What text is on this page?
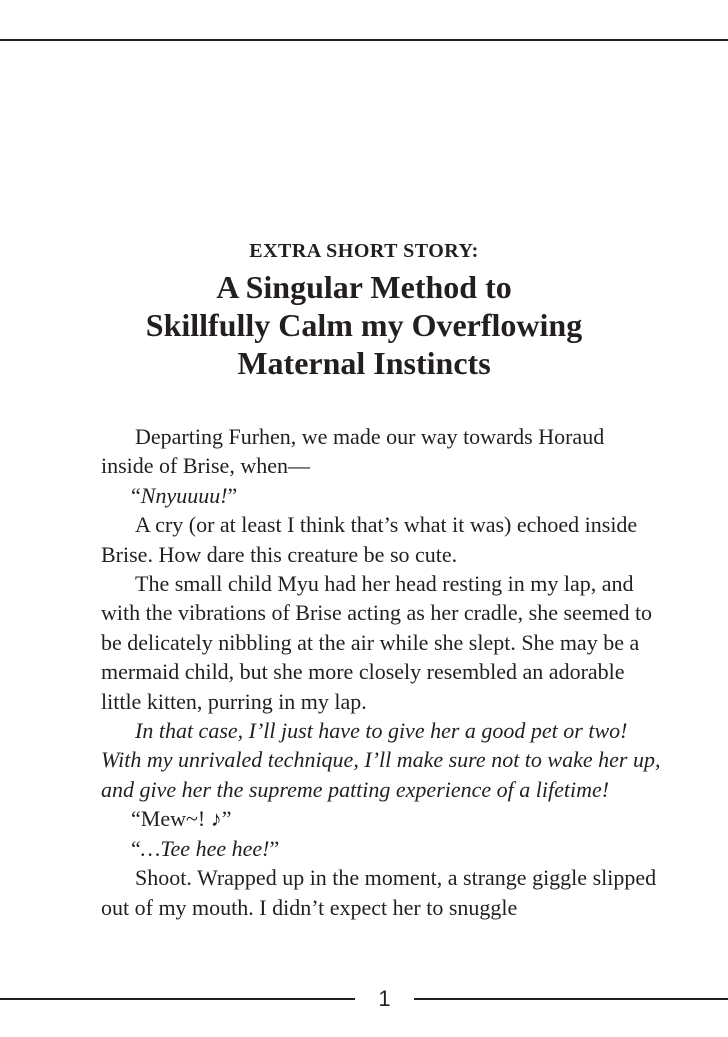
EXTRA SHORT STORY:
A Singular Method to
Skillfully Calm my Overflowing
Maternal Instincts

Departing Furhen, we made our way towards Horaud inside of Brise, when—

“Nnyuuuu!”

A cry (or at least I think that’s what it was) echoed inside Brise. How dare this creature be so cute.

The small child Myu had her head resting in my lap, and with the vibrations of Brise acting as her cradle, she seemed to be delicately nibbling at the air while she slept. She may be a mermaid child, but she more closely resembled an adorable little kitten, purring in my lap.

In that case, I’ll just have to give her a good pet or two! With my unrivaled technique, I’ll make sure not to wake her up, and give her the supreme patting experience of a lifetime!

“Mew~! ♪”

“…Tee hee hee!”

Shoot. Wrapped up in the moment, a strange giggle slipped out of my mouth. I didn’t expect her to snuggle

1
